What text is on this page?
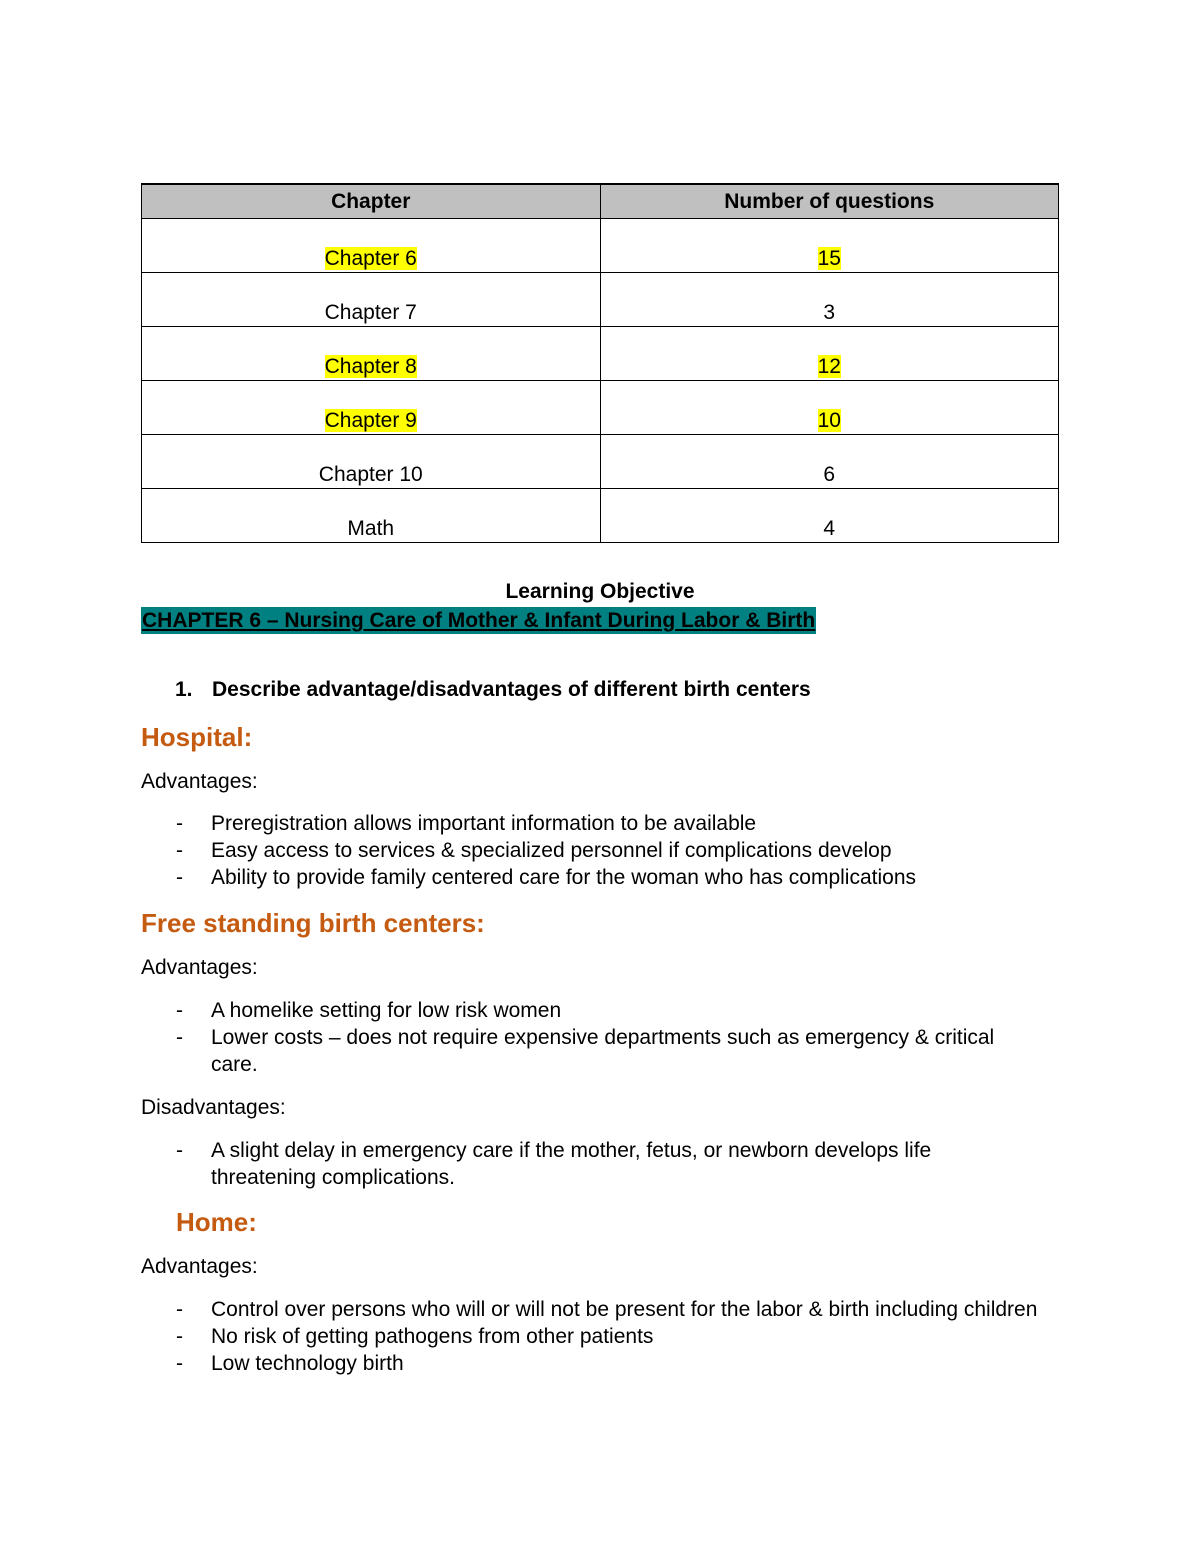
Chapter	Number of questions
Chapter 6	15
Chapter 7	3
Chapter 8	12
Chapter 9	10
Chapter 10	6
Math	4
Learning Objective
CHAPTER 6 – Nursing Care of Mother & Infant During Labor & Birth
1. Describe advantage/disadvantages of different birth centers
Hospital:
Advantages:
- Preregistration allows important information to be available
- Easy access to services & specialized personnel if complications develop
- Ability to provide family centered care for the woman who has complications
Free standing birth centers:
Advantages:
- A homelike setting for low risk women
- Lower costs – does not require expensive departments such as emergency & critical care.
Disadvantages:
- A slight delay in emergency care if the mother, fetus, or newborn develops life threatening complications.
Home:
Advantages:
- Control over persons who will or will not be present for the labor & birth including children
- No risk of getting pathogens from other patients
- Low technology birth
